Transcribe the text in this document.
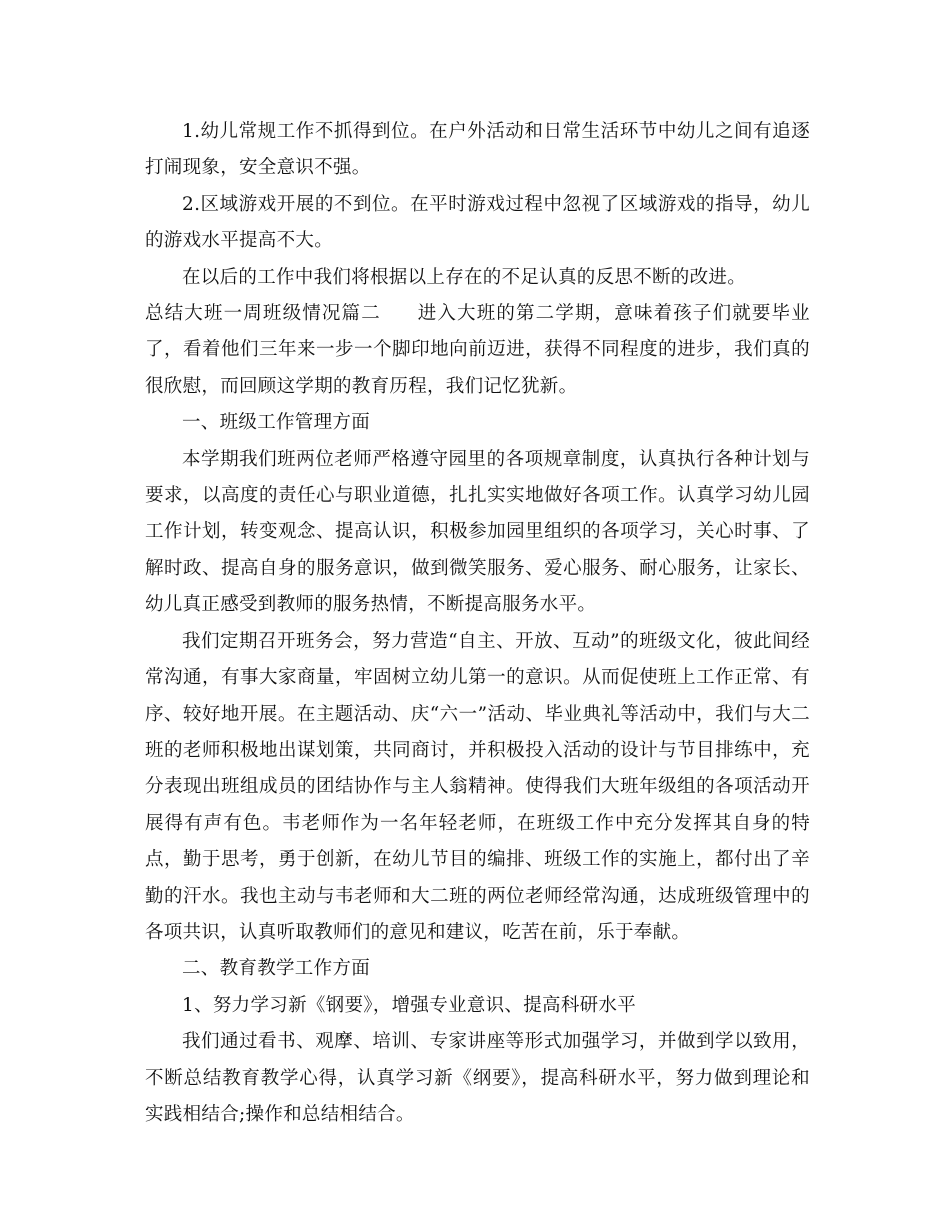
1.幼儿常规工作不抓得到位。在户外活动和日常生活环节中幼儿之间有追逐打闹现象，安全意识不强。

2.区域游戏开展的不到位。在平时游戏过程中忽视了区域游戏的指导，幼儿的游戏水平提高不大。

在以后的工作中我们将根据以上存在的不足认真的反思不断的改进。

总结大班一周班级情况篇二 进入大班的第二学期，意味着孩子们就要毕业了，看着他们三年来一步一个脚印地向前迈进，获得不同程度的进步，我们真的很欣慰，而回顾这学期的教育历程，我们记忆犹新。

一、班级工作管理方面

本学期我们班两位老师严格遵守园里的各项规章制度，认真执行各种计划与要求，以高度的责任心与职业道德，扎扎实实地做好各项工作。认真学习幼儿园工作计划，转变观念、提高认识，积极参加园里组织的各项学习，关心时事、了解时政、提高自身的服务意识，做到微笑服务、爱心服务、耐心服务，让家长、幼儿真正感受到教师的服务热情，不断提高服务水平。

我们定期召开班务会，努力营造“自主、开放、互动”的班级文化，彼此间经常沟通，有事大家商量，牢固树立幼儿第一的意识。从而促使班上工作正常、有序、较好地开展。在主题活动、庆“六一”活动、毕业典礼等活动中，我们与大二班的老师积极地出谋划策，共同商讨，并积极投入活动的设计与节目排练中，充分表现出班组成员的团结协作与主人翁精神。使得我们大班年级组的各项活动开展得有声有色。韦老师作为一名年轻老师，在班级工作中充分发挥其自身的特点，勤于思考，勇于创新，在幼儿节目的编排、班级工作的实施上，都付出了辛勤的汗水。我也主动与韦老师和大二班的两位老师经常沟通，达成班级管理中的各项共识，认真听取教师们的意见和建议，吃苦在前，乐于奉献。

二、教育教学工作方面

1、努力学习新《钢要》，增强专业意识、提高科研水平

我们通过看书、观摩、培训、专家讲座等形式加强学习，并做到学以致用，不断总结教育教学心得，认真学习新《纲要》，提高科研水平，努力做到理论和实践相结合;操作和总结相结合。
